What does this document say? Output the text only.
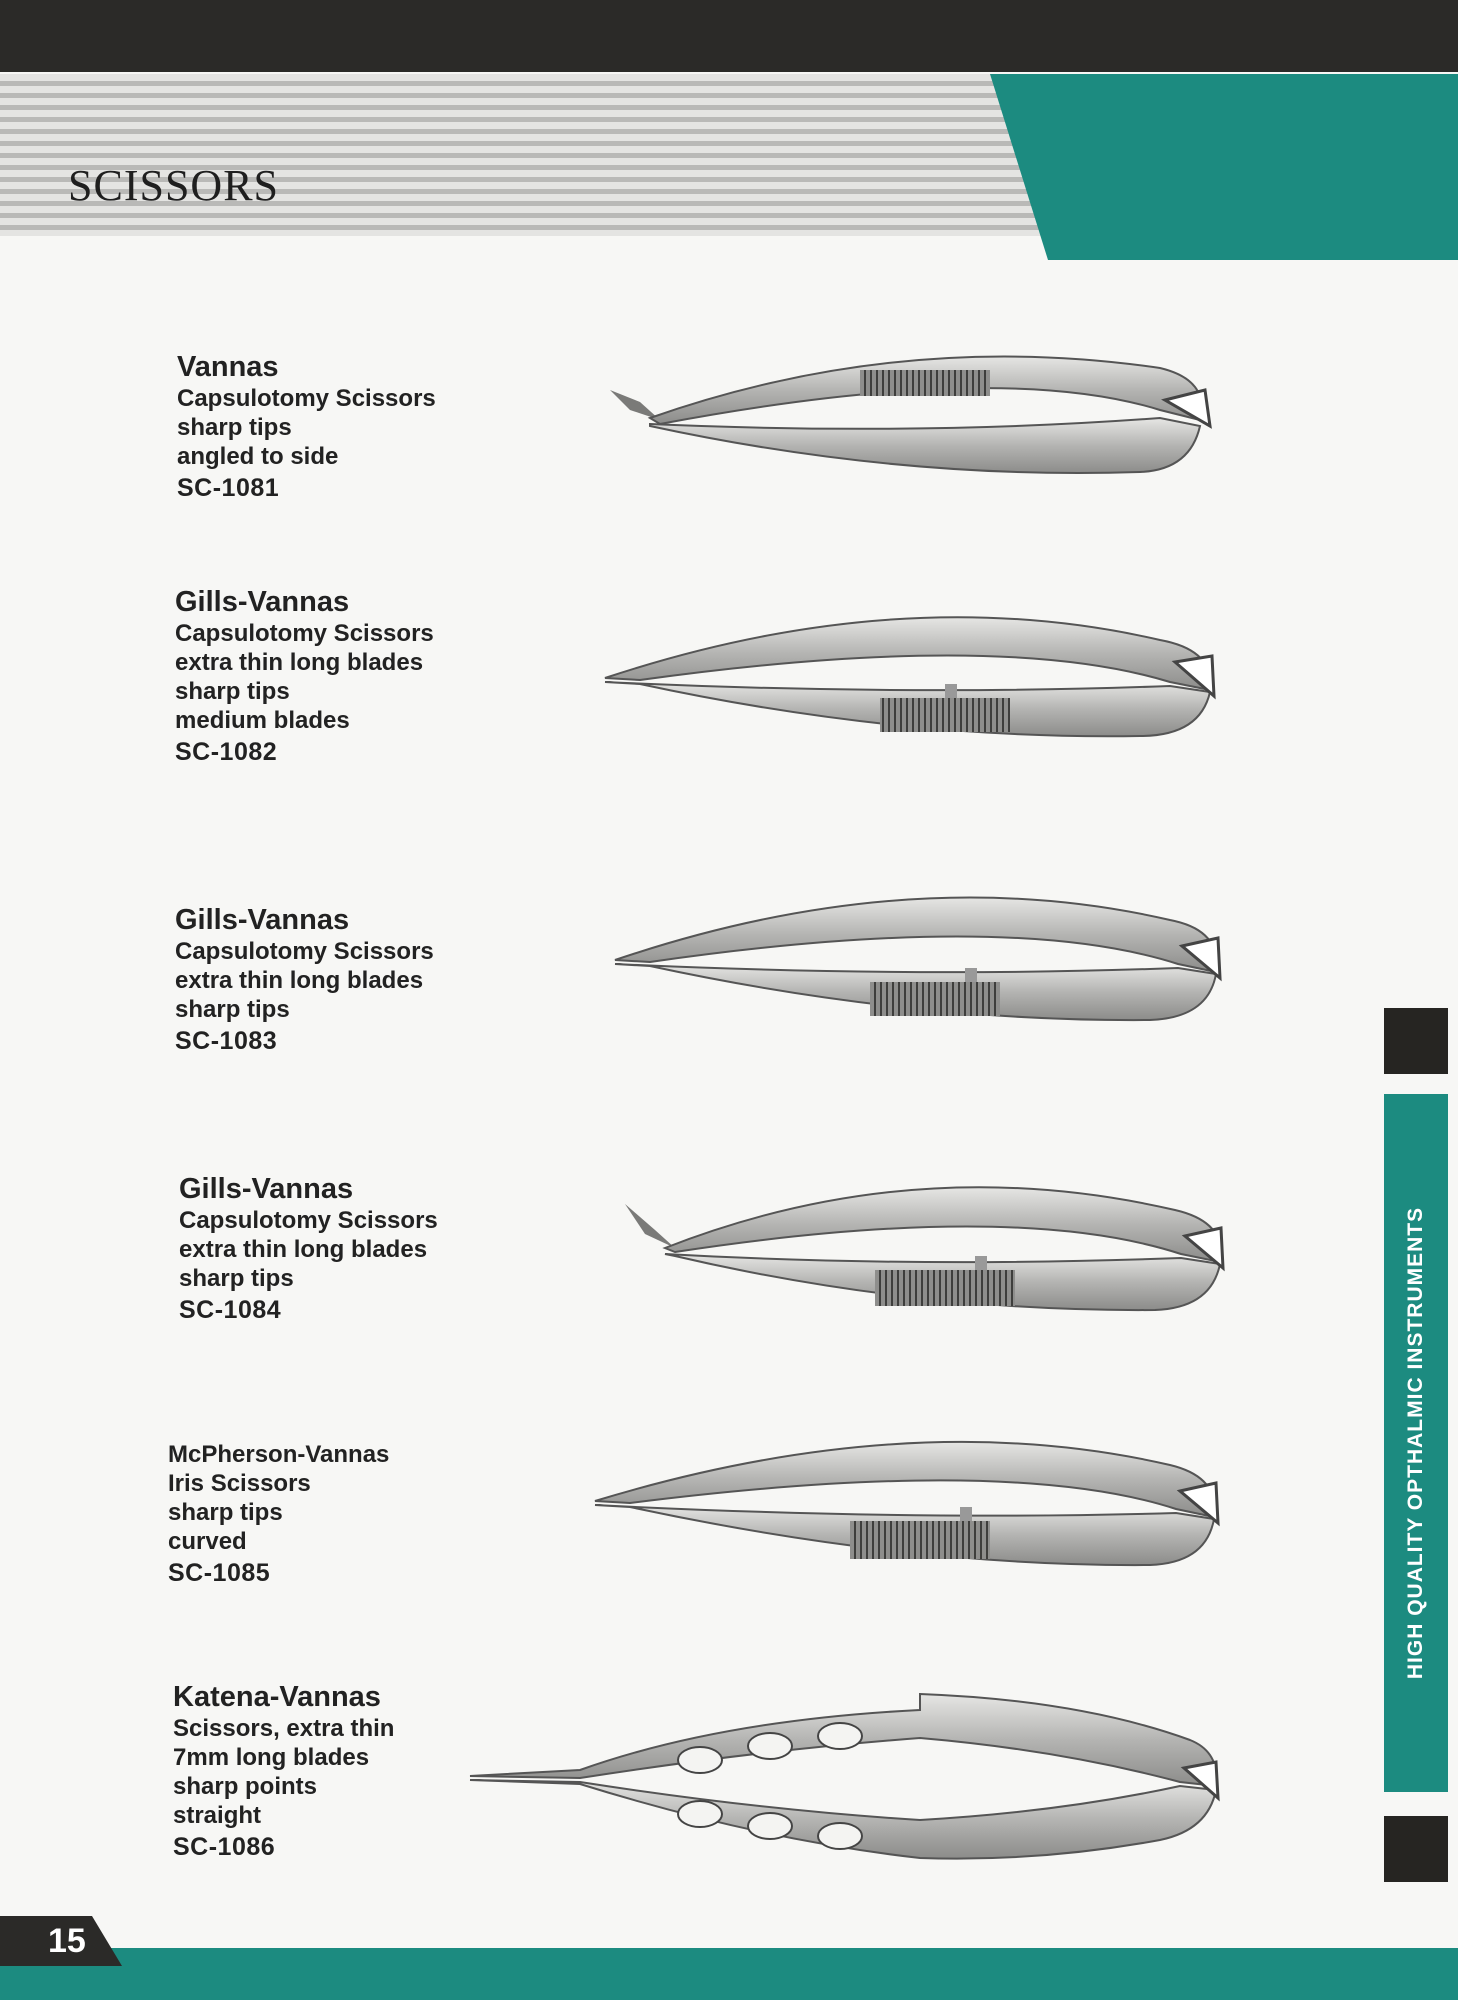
SCISSORS
Vannas
Capsulotomy Scissors
sharp tips
angled to side
SC-1081
Gills-Vannas
Capsulotomy Scissors
extra thin long blades
sharp tips
medium blades
SC-1082
Gills-Vannas
Capsulotomy Scissors
extra thin long blades
sharp tips
SC-1083
Gills-Vannas
Capsulotomy Scissors
extra thin long blades
sharp tips
SC-1084
McPherson-Vannas
Iris Scissors
sharp tips
curved
SC-1085
Katena-Vannas
Scissors, extra thin
7mm long blades
sharp points
straight
SC-1086
HIGH QUALITY OPTHALMIC INSTRUMENTS
15
